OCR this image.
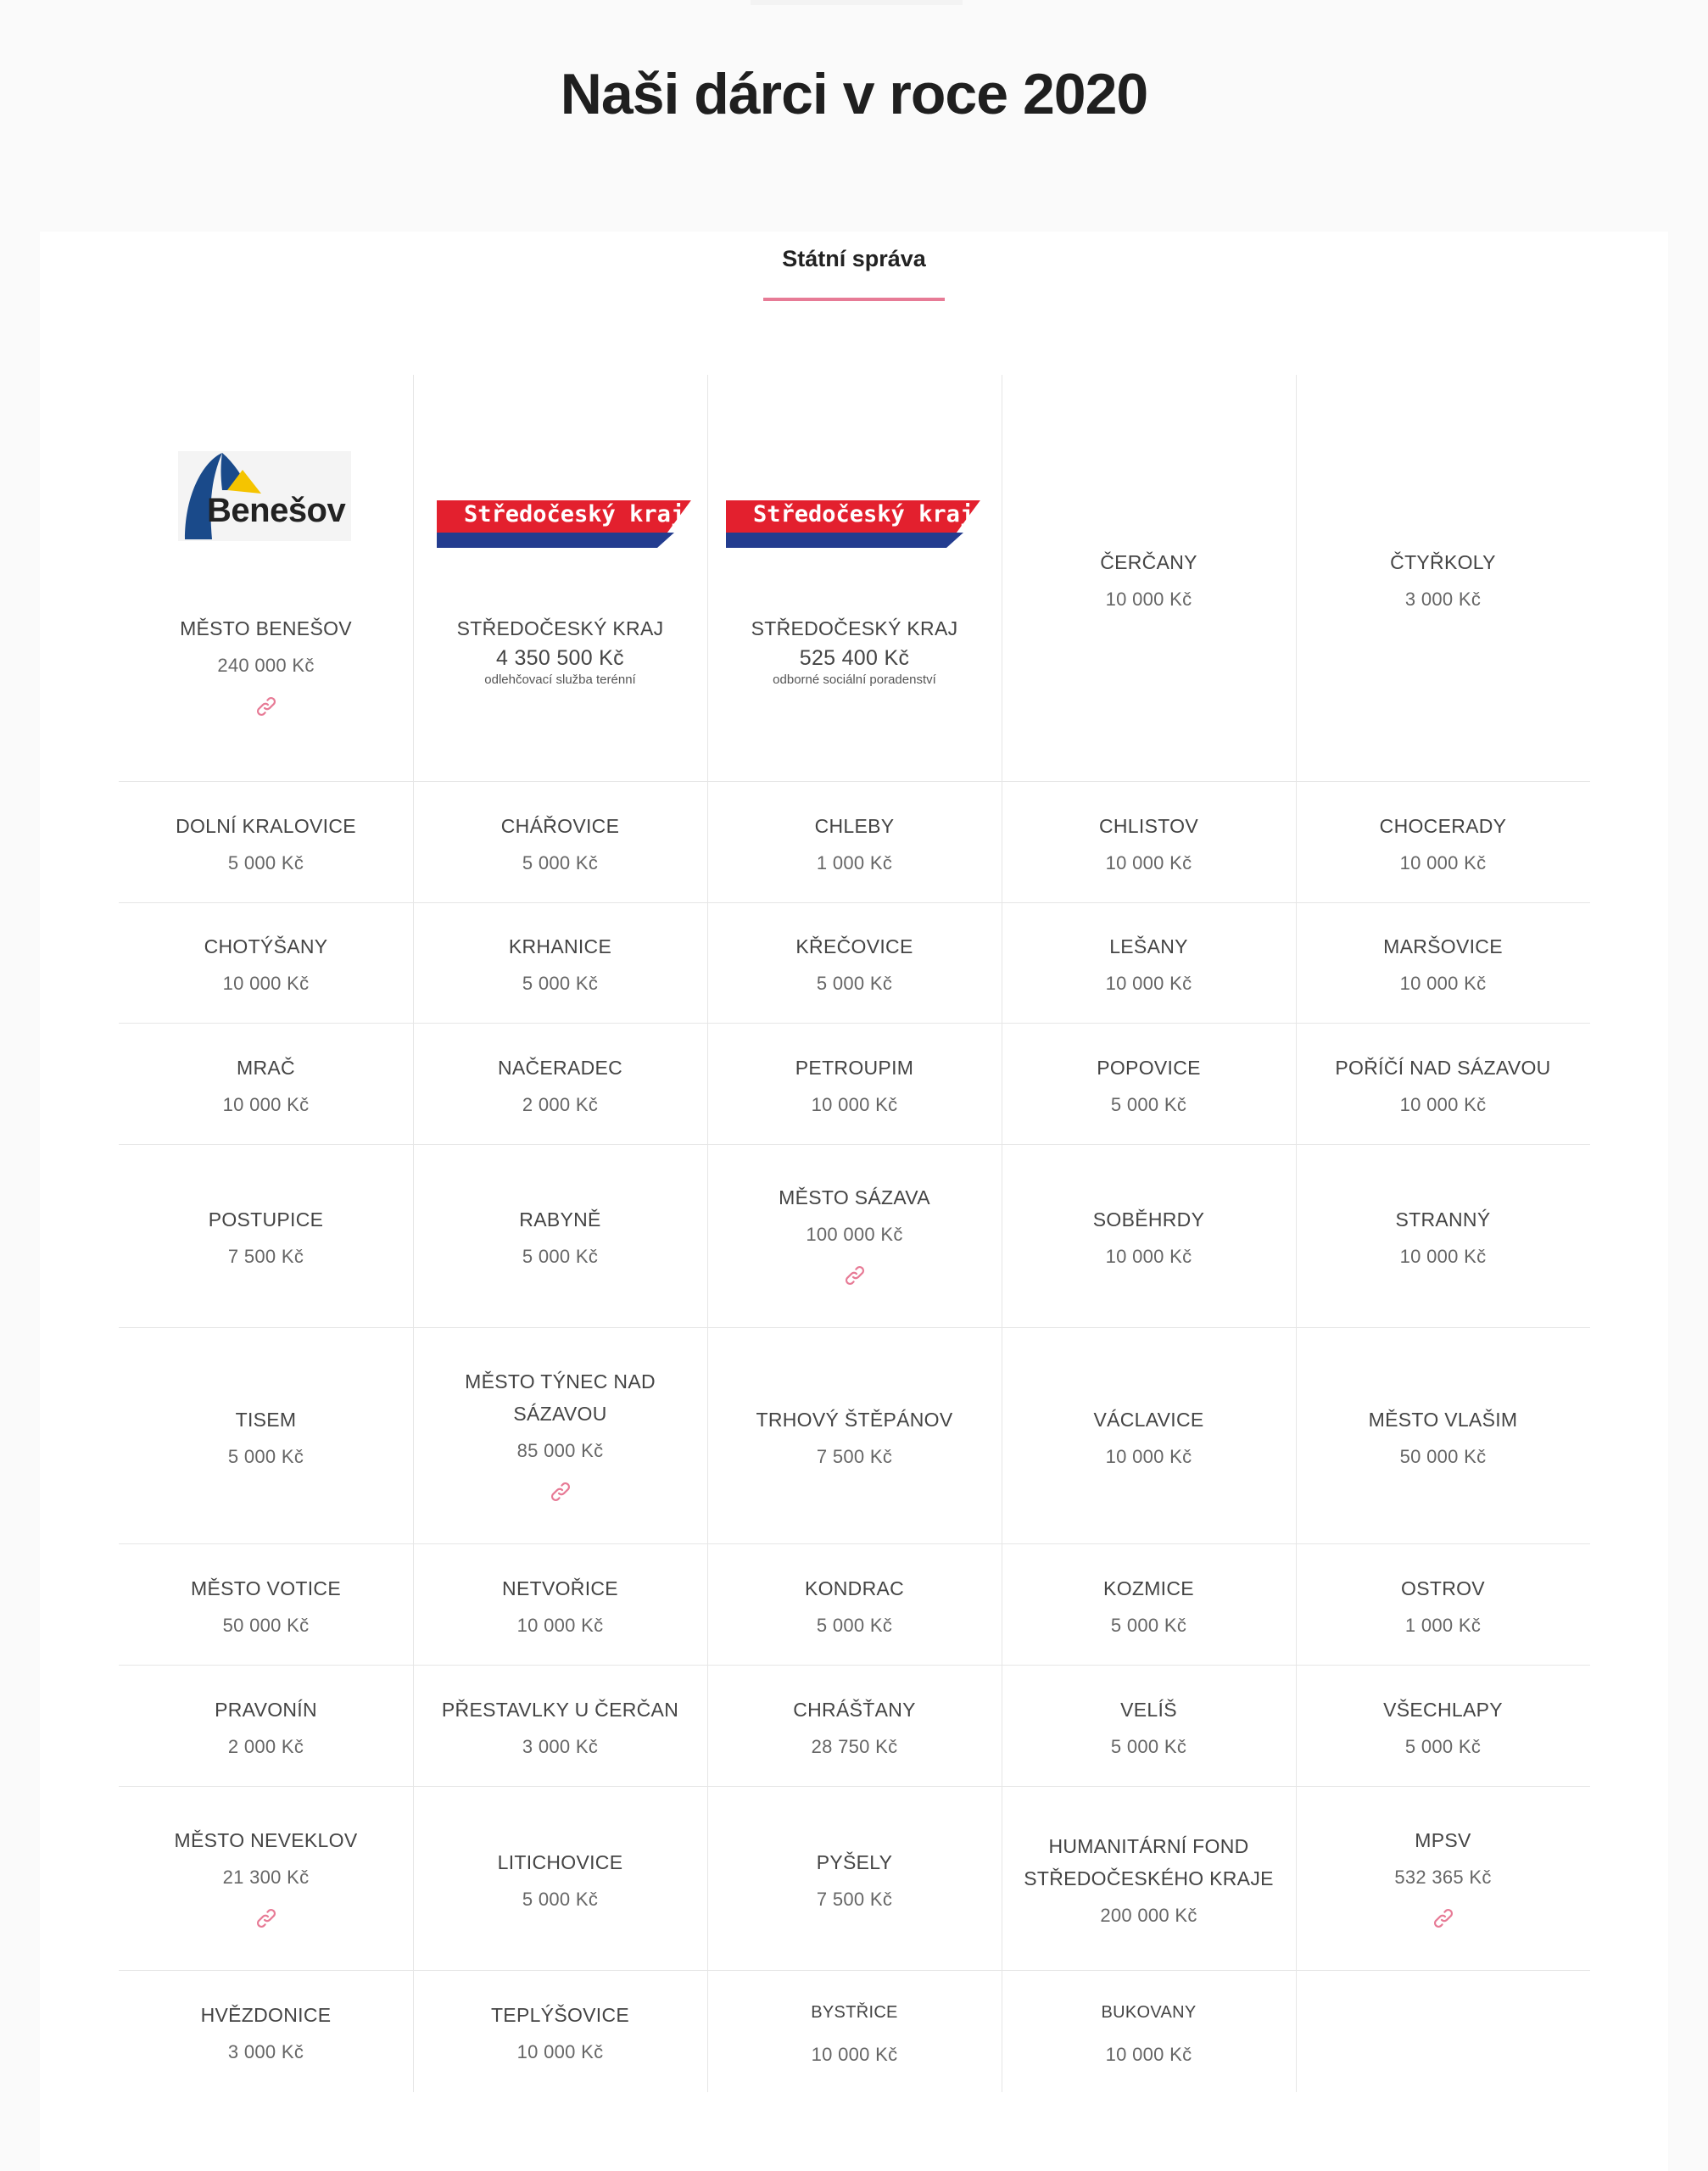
Naši dárci v roce 2020
Státní správa
Benešov
MĚSTO BENEŠOV
240 000 Kč
Středočeský kraj
STŘEDOČESKÝ KRAJ
4 350 500 Kč
odlehčovací služba terénní
Středočeský kraj
STŘEDOČESKÝ KRAJ
525 400 Kč
odborné sociální poradenství
ČERČANY
10 000 Kč
ČTYŘKOLY
3 000 Kč
DOLNÍ KRALOVICE
5 000 Kč
CHÁŘOVICE
5 000 Kč
CHLEBY
1 000 Kč
CHLISTOV
10 000 Kč
CHOCERADY
10 000 Kč
CHOTÝŠANY
10 000 Kč
KRHANICE
5 000 Kč
KŘEČOVICE
5 000 Kč
LEŠANY
10 000 Kč
MARŠOVICE
10 000 Kč
MRAČ
10 000 Kč
NAČERADEC
2 000 Kč
PETROUPIM
10 000 Kč
POPOVICE
5 000 Kč
POŘÍČÍ NAD SÁZAVOU
10 000 Kč
POSTUPICE
7 500 Kč
RABYNĚ
5 000 Kč
MĚSTO SÁZAVA
100 000 Kč
SOBĚHRDY
10 000 Kč
STRANNÝ
10 000 Kč
TISEM
5 000 Kč
MĚSTO TÝNEC NAD SÁZAVOU
85 000 Kč
TRHOVÝ ŠTĚPÁNOV
7 500 Kč
VÁCLAVICE
10 000 Kč
MĚSTO VLAŠIM
50 000 Kč
MĚSTO VOTICE
50 000 Kč
NETVOŘICE
10 000 Kč
KONDRAC
5 000 Kč
KOZMICE
5 000 Kč
OSTROV
1 000 Kč
PRAVONÍN
2 000 Kč
PŘESTAVLKY U ČERČAN
3 000 Kč
CHRÁŠŤANY
28 750 Kč
VELÍŠ
5 000 Kč
VŠECHLAPY
5 000 Kč
MĚSTO NEVEKLOV
21 300 Kč
LITICHOVICE
5 000 Kč
PYŠELY
7 500 Kč
HUMANITÁRNÍ FOND STŘEDOČESKÉHO KRAJE
200 000 Kč
MPSV
532 365 Kč
HVĚZDONICE
3 000 Kč
TEPLÝŠOVICE
10 000 Kč
BYSTŘICE
10 000 Kč
BUKOVANY
10 000 Kč
